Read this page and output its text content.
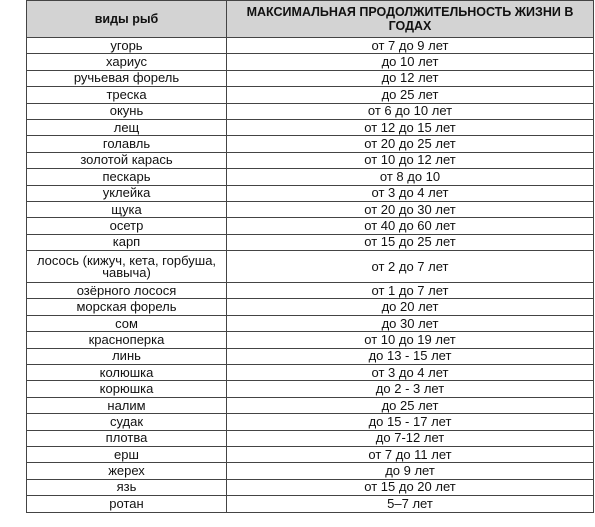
виды рыб	МАКСИМАЛЬНАЯ ПРОДОЛЖИТЕЛЬНОСТЬ ЖИЗНИ В ГОДАХ
угорь	от 7 до 9 лет
хариус	до 10 лет
ручьевая форель	до 12 лет
треска	до 25 лет
окунь	от 6 до 10 лет
лещ	от 12 до 15 лет
голавль	от 20 до 25 лет
золотой карась	от 10 до 12 лет
пескарь	от 8 до 10
уклейка	от 3 до 4 лет
щука	от 20 до 30 лет
осетр	от 40 до 60 лет
карп	от 15 до 25 лет
лосось (кижуч, кета, горбуша, чавыча)	от 2 до 7 лет
озёрного лосося	от 1 до 7 лет
морская форель	до 20 лет
сом	до 30 лет
красноперка	от 10 до 19 лет
линь	до 13 - 15 лет
колюшка	от 3 до 4 лет
корюшка	до 2 - 3 лет
налим	до 25 лет
судак	до 15 - 17 лет
плотва	до 7-12 лет
ерш	от 7 до 11 лет
жерех	до 9 лет
язь	от 15 до 20 лет
ротан	5–7 лет
